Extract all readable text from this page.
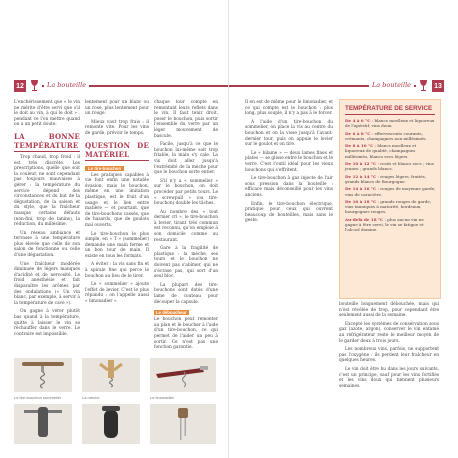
12	La bouteille

L'enchérissement que « le vin ne mérite d'être servi que s'il le doit au vin, à qui le doit » , pendant ce l'on mettre quand on a un petit doute.

LA BONNE TEMPÉRATURE

Trop chaud, trop froid : il est très discrète. Les prescriptions, quelle que soit la couleur, ne sont cependant pas toujours mauvaises à gérer : la température du service dépend des circonstances et du but de la dégustation, de la saison et du style, que la fraîcheur masque certains défauts (non-fini, trop de tanins), la réduction, du millésime.

Un réseau ambiance et terrasse à une température plus élevée que celle de son salon de fonctionne ou celle d'une dégustation.

Une fraîcheur modérée diminuée de légers manques d'acidité et de nervosité. Le froid anesthésie et fait disparaître les arômes par des ondulations (« Un vin blanc, par exemple, à servir à la température de cave »).

On gagne à vérer plutôt bas quand à la température, quitte à laisser le vin se réchauffer dans le verre. Le contraire est impossible.

lentement pour un blanc ou un rosé, plus lentement pour un rouge.

Mieux vaut trop frais : il remonte vite. Pour les vins de garde, prévoir le temps.

QUESTION DE MATÉRIEL
Le tire-bouchon

Les pratiques capables à vie font enfin une notable évasion, mais le bouchon, même en une imitation plastique, est le fruit d'un usage et le lien entre matière — et pourtant, que de tire-bouchons cassés, que de hasards, que de goulots mal ouverts.

Le tire-bouchon le plus simple, en « T » (sommelier) demande une main ferme et un bon tour de main. Il existe en tous les formats.

A éviter : la vis sans fin et à spirale fine qui perce le bouchon au lieu de le tirer.

Le « sommelier » ajoute l'effet de levier. C'est le plus répandu : on l'appelle aussi « limonadier ».

chaque tour compte en remontant leurs reflets dans le vin. Il faut tenir droit, poser le bouchon, puis sortir l'ensemble du verre par un léger mouvement de bascule.

Facile, jusqu'à ce que le bouchon lui-même soit trop friable, la main s'y cale. La vis doit aller jusqu'à l'extrémité de la mèche pour que le bouchon sorte entier.

S'il n'y a « sommelier » sur le bouchon, on doit procéder par petits tours. Le « screwpull » (ou tire-bouchon) double les tâches.

Au nombre des « tout dernier cri », le tire-bouchon à levier, tirant très commun est reconnu, qu'on emploie à son domicile comme au restaurant.

Gare à la fragilité de plastique : la mèche, ses tours et le bouchon ne doivent pas s'abîmer, qui ne s'écrase pas, qui sort d'un seul bloc.

La plupart des tire-bouchons sont dotés d'une lame de couteau pour découper la capsule.

Le déboucheur

Le bouchon peut remonter au plan et le boucher à l'aide d'un tire-bouchon, ce qui permet de l'aider un peu à sortir. Ce n'est pas une fonction garantie.

Le tire-bouchon sommelier	La mèche	Le limonadier
13
La bouteille

Il en est de même pour le limonadier, et ce qui compte est le bouchon : plus long, plus souple, il n'y a pas à le forcer.

A l'aide d'un tire-bouchon du sommelier, on place la vis au centre du bouchon et on la visse jusqu'à l'avant-dernier tour, puis on appuie le levier sur le goulot et on tire.

Le « bilame » — deux lames fines et plates — se glisse entre le bouchon et le verre. C'est l'outil idéal pour les vieux bouchons qui s'effritent.

Le tire-bouchon à gaz injecte de l'air sous pression dans la bouteille : efficace mais déconseillé pour les vins anciens.

Enfin, le tire-bouchon électrique, pratique pour ceux qui ouvrent beaucoup de bouteilles, mais sans le geste.

TEMPÉRATURE DE SERVICE
De 4 à 6 °C : blancs moelleux et liquoreux de l'apéritif, vins doux.
De 6 à 8 °C : effervescents courants, crémants, champagnes non millésimés.
De 8 à 10 °C : blancs moelleux et liquoreux de qualité, champagnes millésimés, blancs secs légers.
De 10 à 12 °C : rosés et blancs secs ; vins jeunes ; grands blancs.
De 12 à 14 °C : rouges légers, fruités, grands blancs de Bourgogne.
De 14 à 16 °C : rouges de moyenne garde, vins de caractère.
De 16 à 18 °C : grands rouges de garde, vins tanniques à maturité, bordeaux, bourgognes rouges.
Au-delà de 18 °C : plus aucun vin ne gagne à être servi, le vin se fatigue et l'alcool domine.

bouteille longuement débouchée, mais qui n'est révélée de trop, pour cependant être seulement aussi de la semaine.

Excepté les systèmes de conservation sous gaz (azote, argon), conserver le vin entamé au réfrigérateur reste le meilleur moyen de le garder deux à trois jours.

Les nombreux vins, parfois, ne supportent pas l'oxygène : ils perdent leur fraîcheur en quelques heures.

Le vin doit être bu dans les jours suivants, c'est un principe, sauf pour les vins fortifiés et les vins doux qui tiennent plusieurs semaines.
